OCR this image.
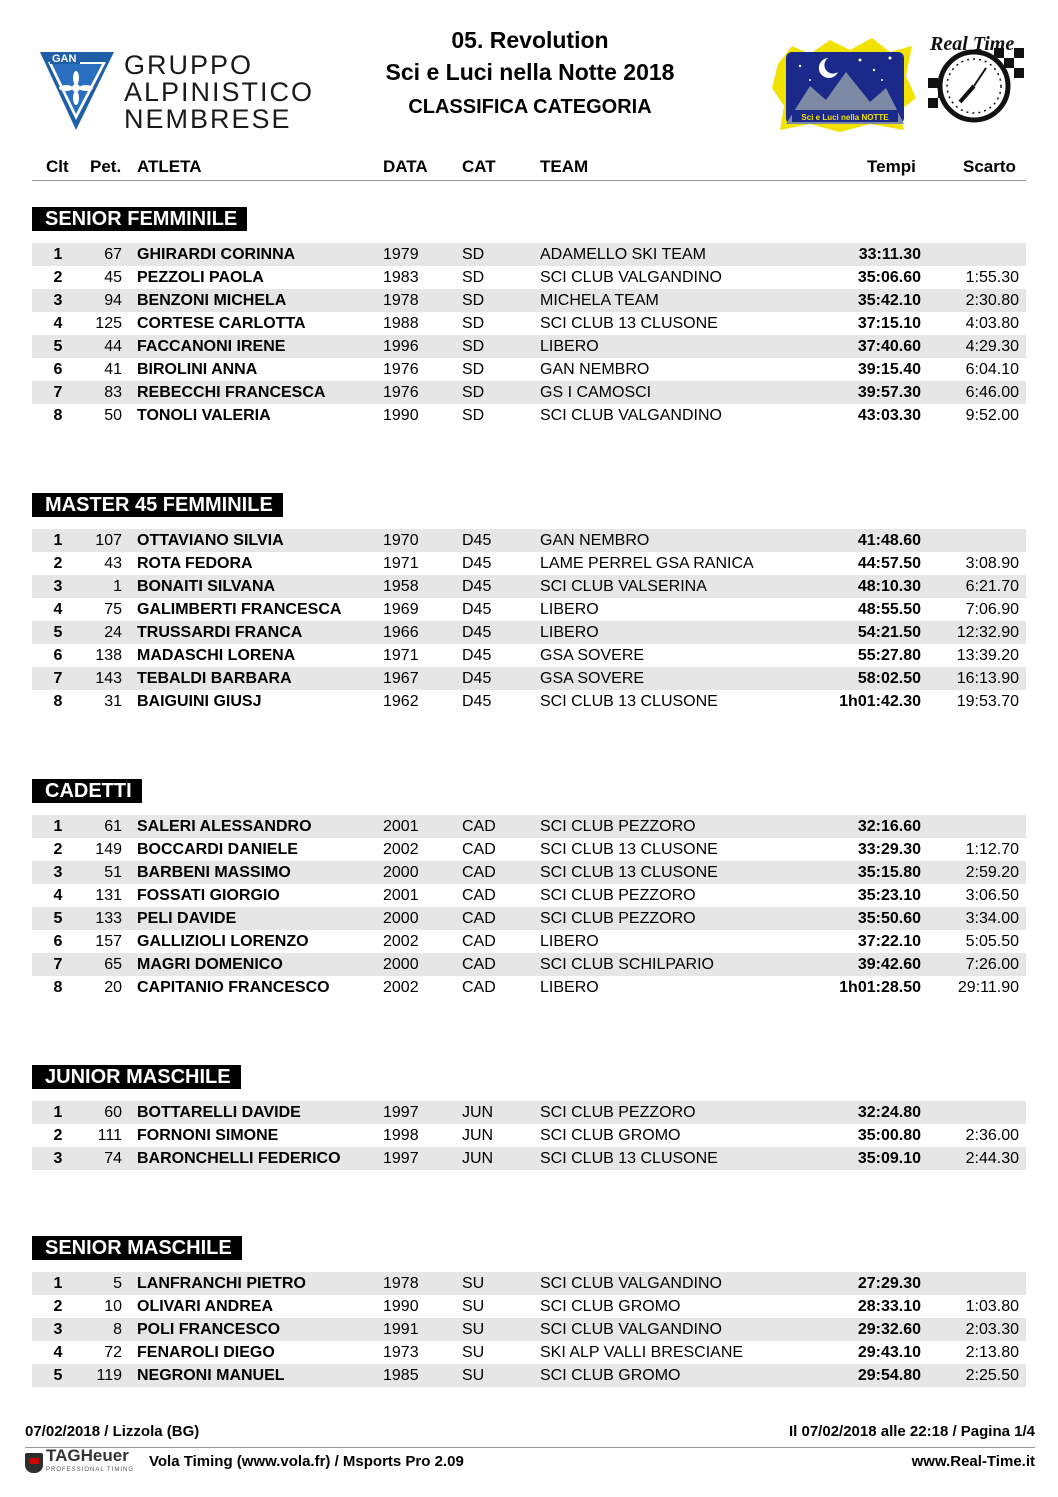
GAN GRUPPO
ALPINISTICO
NEMBRESE
05. Revolution
Sci e Luci nella Notte 2018
CLASSIFICA CATEGORIA	Sci e Luci nella NOTTE
Real Time
Clt Pet. ATLETA	DATA CAT	TEAM	Tempi	Scarto
SENIOR FEMMINILE
1	67 GHIRARDI CORINNA	1979	SD	ADAMELLO SKI TEAM	33:11.30
2	45 PEZZOLI PAOLA	1983	SD	SCI CLUB VALGANDINO	35:06.60	1:55.30
3	94 BENZONI MICHELA	1978	SD	MICHELA TEAM	35:42.10	2:30.80
4	125 CORTESE CARLOTTA	1988	SD	SCI CLUB 13 CLUSONE	37:15.10	4:03.80
5	44 FACCANONI IRENE	1996	SD	LIBERO	37:40.60	4:29.30
6	41 BIROLINI ANNA	1976	SD	GAN NEMBRO	39:15.40	6:04.10
7	83 REBECCHI FRANCESCA	1976	SD	GS I CAMOSCI	39:57.30	6:46.00
8	50 TONOLI VALERIA	1990	SD	SCI CLUB VALGANDINO	43:03.30	9:52.00
MASTER 45 FEMMINILE
1	107 OTTAVIANO SILVIA	1970	D45	GAN NEMBRO	41:48.60
2	43 ROTA FEDORA	1971	D45	LAME PERREL GSA RANICA	44:57.50	3:08.90
3	1 BONAITI SILVANA	1958	D45	SCI CLUB VALSERINA	48:10.30	6:21.70
4	75 GALIMBERTI FRANCESCA	1969	D45	LIBERO	48:55.50	7:06.90
5	24 TRUSSARDI FRANCA	1966	D45	LIBERO	54:21.50	12:32.90
6	138 MADASCHI LORENA	1971	D45	GSA SOVERE	55:27.80	13:39.20
7	143 TEBALDI BARBARA	1967	D45	GSA SOVERE	58:02.50	16:13.90
8	31 BAIGUINI GIUSJ	1962	D45	SCI CLUB 13 CLUSONE	1h01:42.30	19:53.70
CADETTI
1	61 SALERI ALESSANDRO	2001	CAD	SCI CLUB PEZZORO	32:16.60
2	149 BOCCARDI DANIELE	2002	CAD	SCI CLUB 13 CLUSONE	33:29.30	1:12.70
3	51 BARBENI MASSIMO	2000	CAD	SCI CLUB 13 CLUSONE	35:15.80	2:59.20
4	131 FOSSATI GIORGIO	2001	CAD	SCI CLUB PEZZORO	35:23.10	3:06.50
5	133 PELI DAVIDE	2000	CAD	SCI CLUB PEZZORO	35:50.60	3:34.00
6	157 GALLIZIOLI LORENZO	2002	CAD	LIBERO	37:22.10	5:05.50
7	65 MAGRI DOMENICO	2000	CAD	SCI CLUB SCHILPARIO	39:42.60	7:26.00
8	20 CAPITANIO FRANCESCO	2002	CAD	LIBERO	1h01:28.50	29:11.90
JUNIOR MASCHILE
1	60 BOTTARELLI DAVIDE	1997	JUN	SCI CLUB PEZZORO	32:24.80
2	111 FORNONI SIMONE	1998	JUN	SCI CLUB GROMO	35:00.80	2:36.00
3	74 BARONCHELLI FEDERICO	1997	JUN	SCI CLUB 13 CLUSONE	35:09.10	2:44.30
SENIOR MASCHILE
1	5 LANFRANCHI PIETRO	1978	SU	SCI CLUB VALGANDINO	27:29.30
2	10 OLIVARI ANDREA	1990	SU	SCI CLUB GROMO	28:33.10	1:03.80
3	8 POLI FRANCESCO	1991	SU	SCI CLUB VALGANDINO	29:32.60	2:03.30
4	72 FENAROLI DIEGO	1973	SU	SKI ALP VALLI BRESCIANE	29:43.10	2:13.80
5	119 NEGRONI MANUEL	1985	SU	SCI CLUB GROMO	29:54.80	2:25.50
07/02/2018 / Lizzola (BG)	Il 07/02/2018 alle 22:18 / Pagina 1/4
TAGHeuer
PROFESSIONAL TIMING Vola Timing (www.vola.fr) / Msports Pro 2.09	www.Real-Time.it
